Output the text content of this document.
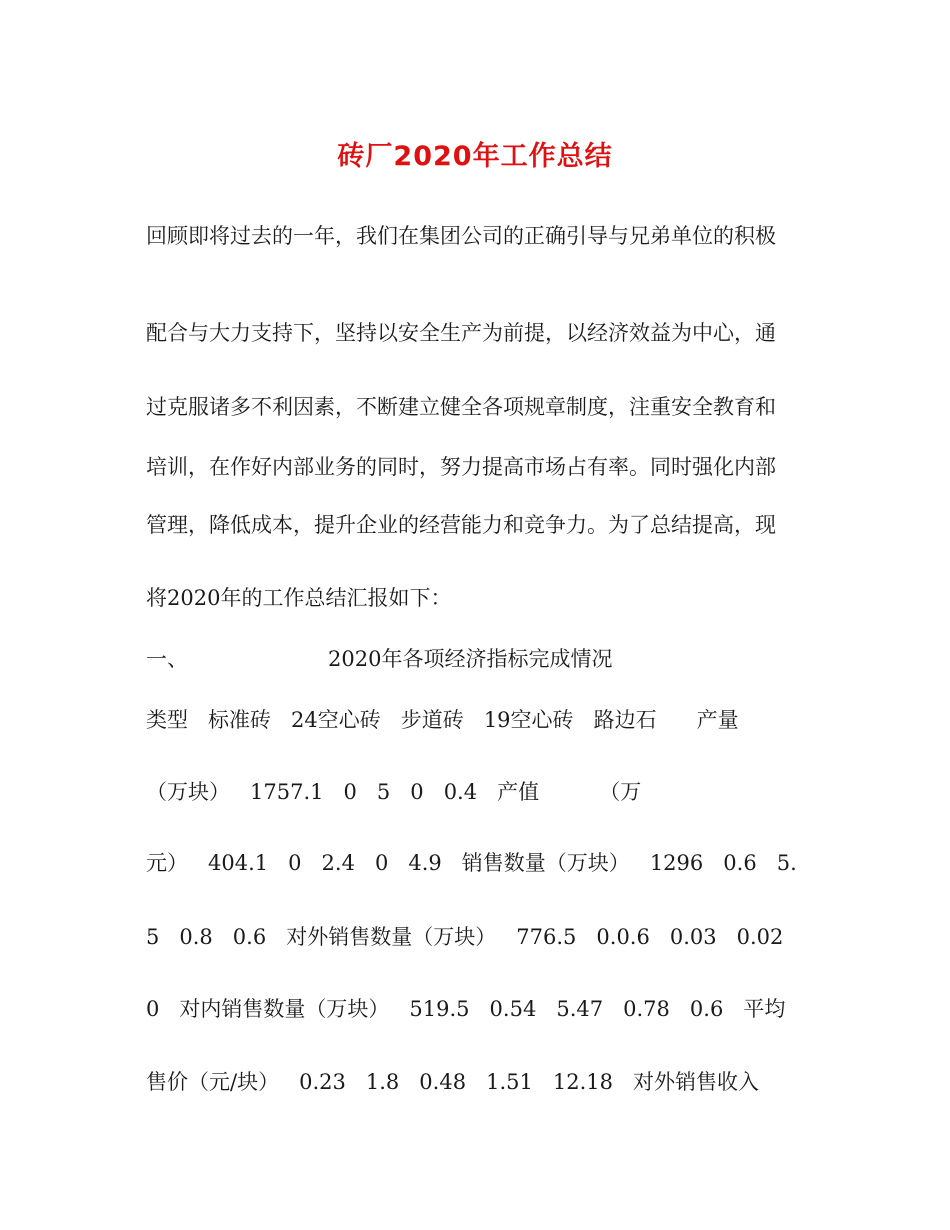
砖厂2020年工作总结
回顾即将过去的一年，我们在集团公司的正确引导与兄弟单位的积极
配合与大力支持下，坚持以安全生产为前提，以经济效益为中心，通
过克服诸多不利因素，不断建立健全各项规章制度，注重安全教育和
培训，在作好内部业务的同时，努力提高市场占有率。同时强化内部
管理，降低成本，提升企业的经营能力和竞争力。为了总结提高，现
将2020年的工作总结汇报如下：
一、	2020年各项经济指标完成情况
类型   标准砖   24空心砖   步道砖   19空心砖   路边石      产量
（万块）   1757.1   0   5   0   0.4   产值         （万
元）   404.1   0   2.4   0   4.9   销售数量（万块）   1296   0.6   5.
5   0.8   0.6   对外销售数量（万块）   776.5   0.0.6   0.03   0.02
0   对内销售数量（万块）   519.5   0.54   5.47   0.78   0.6   平均
售价（元/块）   0.23   1.8   0.48   1.51   12.18   对外销售收入
